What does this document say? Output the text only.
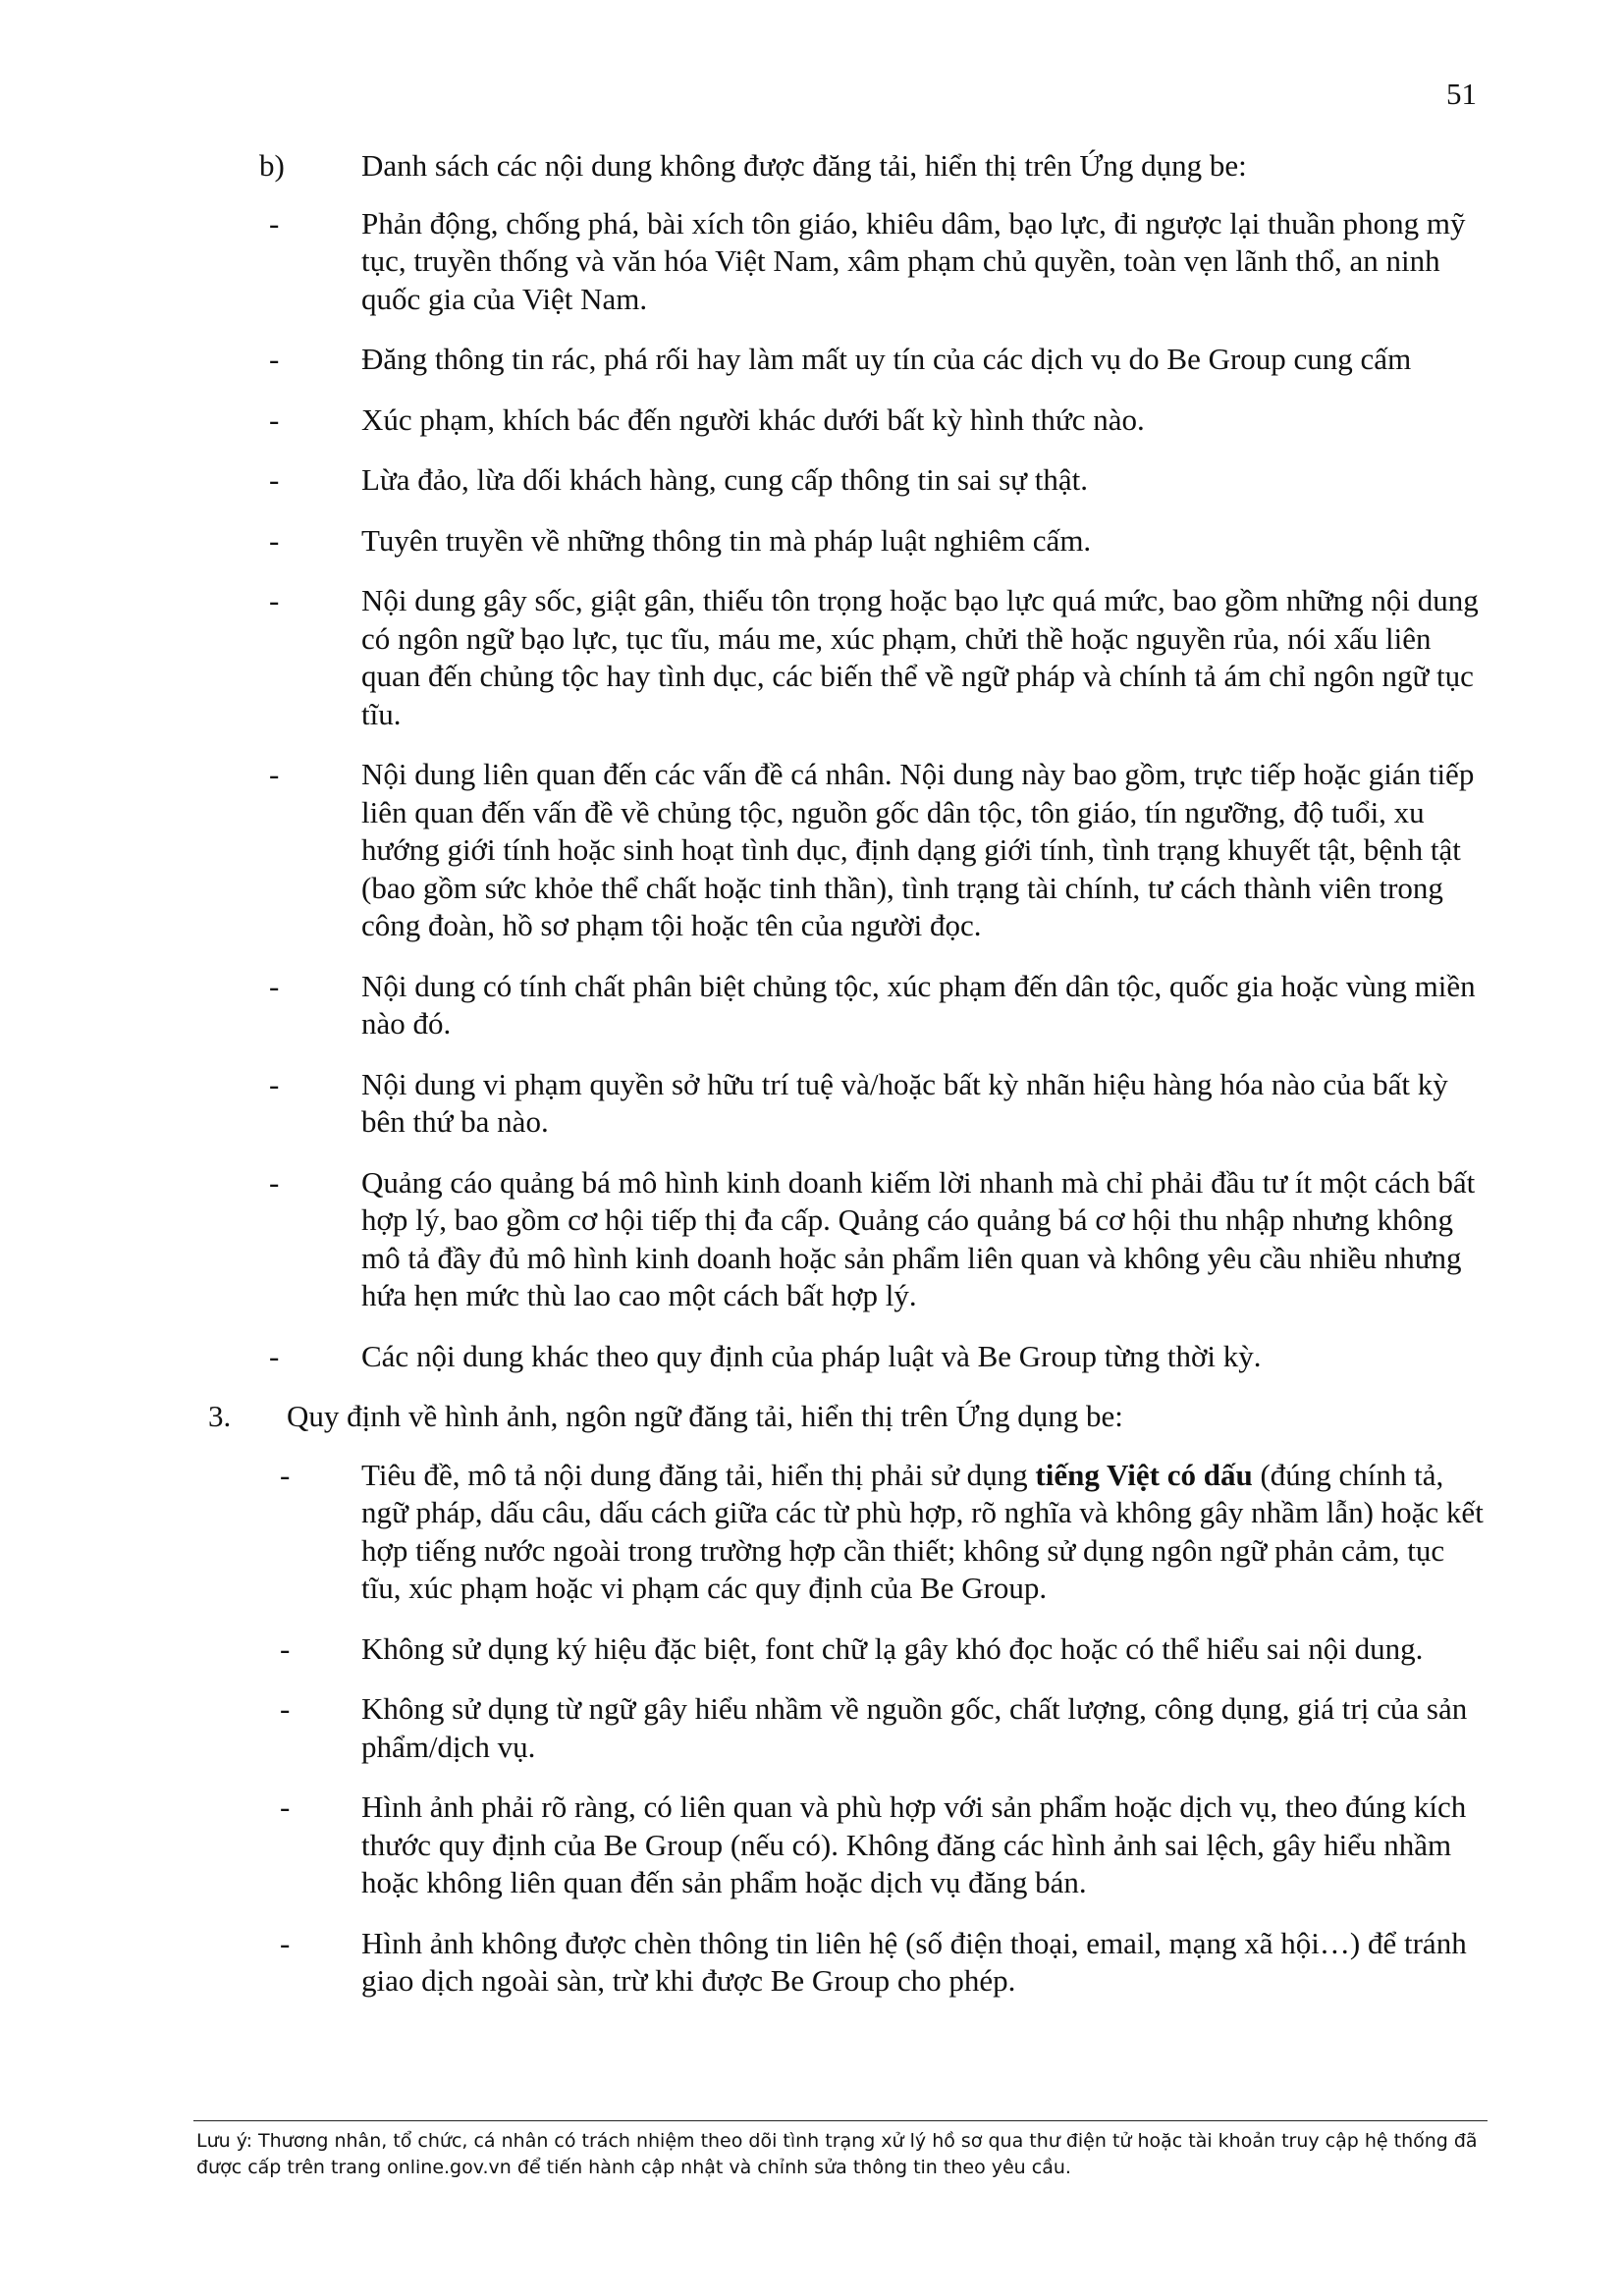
51
b)	Danh sách các nội dung không được đăng tải, hiển thị trên Ứng dụng be:
-	Phản động, chống phá, bài xích tôn giáo, khiêu dâm, bạo lực, đi ngược lại thuần phong mỹ tục, truyền thống và văn hóa Việt Nam, xâm phạm chủ quyền, toàn vẹn lãnh thổ, an ninh quốc gia của Việt Nam.
-	Đăng thông tin rác, phá rối hay làm mất uy tín của các dịch vụ do Be Group cung cấm
-	Xúc phạm, khích bác đến người khác dưới bất kỳ hình thức nào.
-	Lừa đảo, lừa dối khách hàng, cung cấp thông tin sai sự thật.
-	Tuyên truyền về những thông tin mà pháp luật nghiêm cấm.
-	Nội dung gây sốc, giật gân, thiếu tôn trọng hoặc bạo lực quá mức, bao gồm những nội dung có ngôn ngữ bạo lực, tục tĩu, máu me, xúc phạm, chửi thề hoặc nguyền rủa, nói xấu liên quan đến chủng tộc hay tình dục, các biến thể về ngữ pháp và chính tả ám chỉ ngôn ngữ tục tĩu.
-	Nội dung liên quan đến các vấn đề cá nhân. Nội dung này bao gồm, trực tiếp hoặc gián tiếp liên quan đến vấn đề về chủng tộc, nguồn gốc dân tộc, tôn giáo, tín ngưỡng, độ tuổi, xu hướng giới tính hoặc sinh hoạt tình dục, định dạng giới tính, tình trạng khuyết tật, bệnh tật (bao gồm sức khỏe thể chất hoặc tinh thần), tình trạng tài chính, tư cách thành viên trong công đoàn, hồ sơ phạm tội hoặc tên của người đọc.
-	Nội dung có tính chất phân biệt chủng tộc, xúc phạm đến dân tộc, quốc gia hoặc vùng miền nào đó.
-	Nội dung vi phạm quyền sở hữu trí tuệ và/hoặc bất kỳ nhãn hiệu hàng hóa nào của bất kỳ bên thứ ba nào.
-	Quảng cáo quảng bá mô hình kinh doanh kiếm lời nhanh mà chỉ phải đầu tư ít một cách bất hợp lý, bao gồm cơ hội tiếp thị đa cấp. Quảng cáo quảng bá cơ hội thu nhập nhưng không mô tả đầy đủ mô hình kinh doanh hoặc sản phẩm liên quan và không yêu cầu nhiều nhưng hứa hẹn mức thù lao cao một cách bất hợp lý.
-	Các nội dung khác theo quy định của pháp luật và Be Group từng thời kỳ.
3.	Quy định về hình ảnh, ngôn ngữ đăng tải, hiển thị trên Ứng dụng be:
-	Tiêu đề, mô tả nội dung đăng tải, hiển thị phải sử dụng tiếng Việt có dấu (đúng chính tả, ngữ pháp, dấu câu, dấu cách giữa các từ phù hợp, rõ nghĩa và không gây nhầm lẫn) hoặc kết hợp tiếng nước ngoài trong trường hợp cần thiết; không sử dụng ngôn ngữ phản cảm, tục tĩu, xúc phạm hoặc vi phạm các quy định của Be Group.
-	Không sử dụng ký hiệu đặc biệt, font chữ lạ gây khó đọc hoặc có thể hiểu sai nội dung.
-	Không sử dụng từ ngữ gây hiểu nhầm về nguồn gốc, chất lượng, công dụng, giá trị của sản phẩm/dịch vụ.
-	Hình ảnh phải rõ ràng, có liên quan và phù hợp với sản phẩm hoặc dịch vụ, theo đúng kích thước quy định của Be Group (nếu có). Không đăng các hình ảnh sai lệch, gây hiểu nhầm hoặc không liên quan đến sản phẩm hoặc dịch vụ đăng bán.
-	Hình ảnh không được chèn thông tin liên hệ (số điện thoại, email, mạng xã hội…) để tránh giao dịch ngoài sàn, trừ khi được Be Group cho phép.
Lưu ý: Thương nhân, tổ chức, cá nhân có trách nhiệm theo dõi tình trạng xử lý hồ sơ qua thư điện tử hoặc tài khoản truy cập hệ thống đã được cấp trên trang online.gov.vn để tiến hành cập nhật và chỉnh sửa thông tin theo yêu cầu.
